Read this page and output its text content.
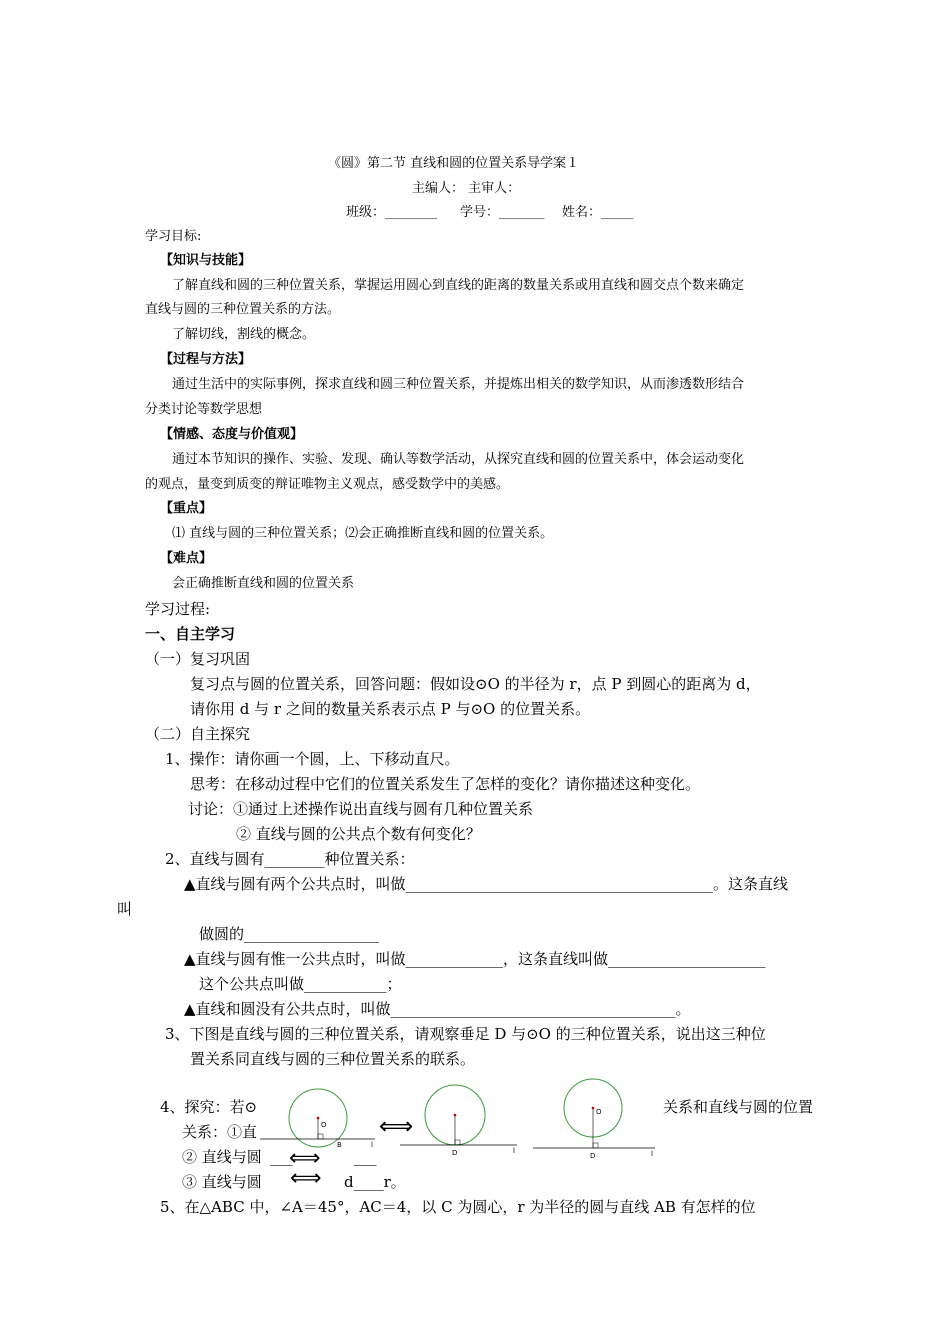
《圆》第二节 直线和圆的位置关系导学案１
主编人： 主审人：
班级：________ 学号：_______ 姓名：_____
学习目标:
【知识与技能】
了解直线和圆的三种位置关系，掌握运用圆心到直线的距离的数量关系或用直线和圆交点个数来确定
直线与圆的三种位置关系的方法。
了解切线，割线的概念。
【过程与方法】
通过生活中的实际事例，探求直线和圆三种位置关系，并提炼出相关的数学知识，从而渗透数形结合
分类讨论等数学思想
【情感、态度与价值观】
通过本节知识的操作、实验、发现、确认等数学活动，从探究直线和圆的位置关系中，体会运动变化
的观点，量变到质变的辩证唯物主义观点，感受数学中的美感。
【重点】
⑴ 直线与圆的三种位置关系；⑵会正确推断直线和圆的位置关系。
【难点】
会正确推断直线和圆的位置关系
学习过程:
一、自主学习
（一）复习巩固
复习点与圆的位置关系，回答问题：假如设⊙O 的半径为 r，点 P 到圆心的距离为 d，
请你用 d 与 r 之间的数量关系表示点 P 与⊙O 的位置关系。
（二）自主探究
1、操作：请你画一个圆，上、下移动直尺。
思考：在移动过程中它们的位置关系发生了怎样的变化？请你描述这种变化。
讨论：①通过上述操作说出直线与圆有几种位置关系
② 直线与圆的公共点个数有何变化？
2、直线与圆有________种位置关系：
▲直线与圆有两个公共点时，叫做_________________________________________。这条直线
叫
做圆的__________________
▲直线与圆有惟一公共点时，叫做_____________，这条直线叫做_____________________
这个公共点叫做___________；
▲直线和圆没有公共点时，叫做______________________________________。
3、下图是直线与圆的三种位置关系，请观察垂足 D 与⊙O 的三种位置关系，说出这三种位
置关系同直线与圆的三种位置关系的联系。
4、探究：若⊙	关系和直线与圆的位置
关系：①直
② 直线与圆 ___	___
③ 直线与圆	d____r。
5、在△ABC 中，∠A＝45°，AC＝4，以 C 为圆心，r 为半径的圆与直线 AB 有怎样的位
O
B	l
D	l
O
D	l
⟺
⟺
⟺
